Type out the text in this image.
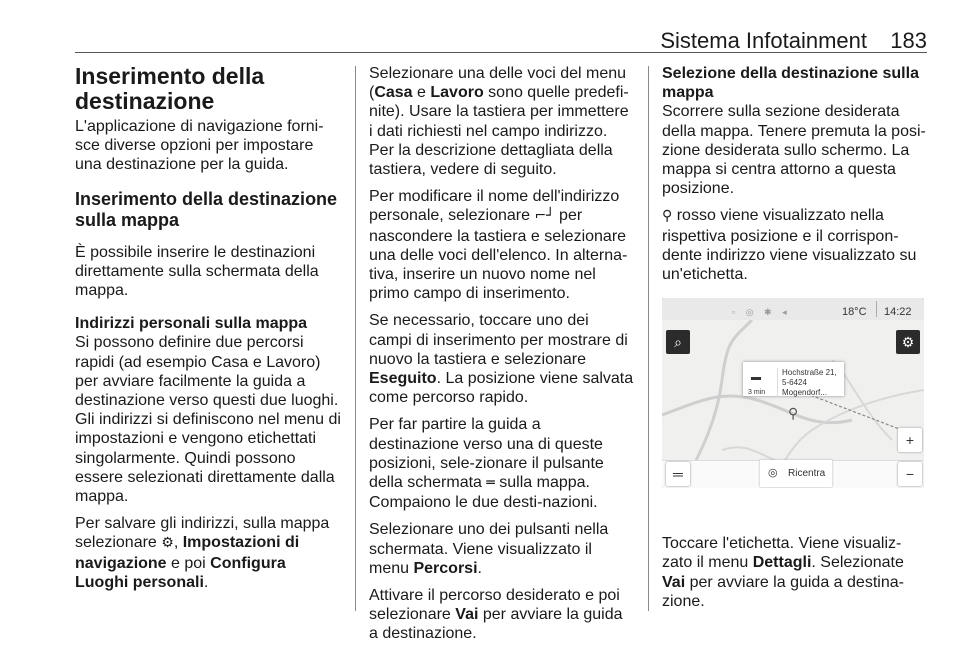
Sistema Infotainment 183
Inserimento della destinazione

L'applicazione di navigazione forni-sce diverse opzioni per impostare una destinazione per la guida.

Inserimento della destinazione sulla mappa

È possibile inserire le destinazioni direttamente sulla schermata della mappa.

Indirizzi personali sulla mappa

Si possono definire due percorsi rapidi (ad esempio Casa e Lavoro) per avviare facilmente la guida a destinazione verso questi due luoghi. Gli indirizzi si definiscono nel menu di impostazioni e vengono etichettati singolarmente. Quindi possono essere selezionati direttamente dalla mappa.

Per salvare gli indirizzi, sulla mappa selezionare ⚙, Impostazioni di navigazione e poi Configura Luoghi personali.

Selezionare una delle voci del menu (Casa e Lavoro sono quelle predefi-nite). Usare la tastiera per immettere i dati richiesti nel campo indirizzo. Per la descrizione dettagliata della tastiera, vedere di seguito.

Per modificare il nome dell'indirizzo personale, selezionare ⌐┘ per nascondere la tastiera e selezionare una delle voci dell'elenco. In alterna-tiva, inserire un nuovo nome nel primo campo di inserimento.

Se necessario, toccare uno dei campi di inserimento per mostrare di nuovo la tastiera e selezionare Eseguito. La posizione viene salvata come percorso rapido.

Per far partire la guida a destinazione verso una di queste posizioni, sele-zionare il pulsante della schermata ═ sulla mappa. Compaiono le due desti-nazioni.

Selezionare uno dei pulsanti nella schermata. Viene visualizzato il menu Percorsi.

Attivare il percorso desiderato e poi selezionare Vai per avviare la guida a destinazione.

Selezione della destinazione sulla mappa

Scorrere sulla sezione desiderata della mappa. Tenere premuta la posi-zione desiderata sullo schermo. La mappa si centra attorno a questa posizione.

⚲ rosso viene visualizzato nella rispettiva posizione e il corrispon-dente indirizzo viene visualizzato su un'etichetta.

▫ ◎ ✱ ◂	18°C 14:22
⌕	⚙
▬
3 min
Hochstraße 21, 5-6424 Mogendorf...
⚲
+
═	◎ Ricentra	−

Toccare l'etichetta. Viene visualiz-zato il menu Dettagli. Selezionate Vai per avviare la guida a destina-zione.
